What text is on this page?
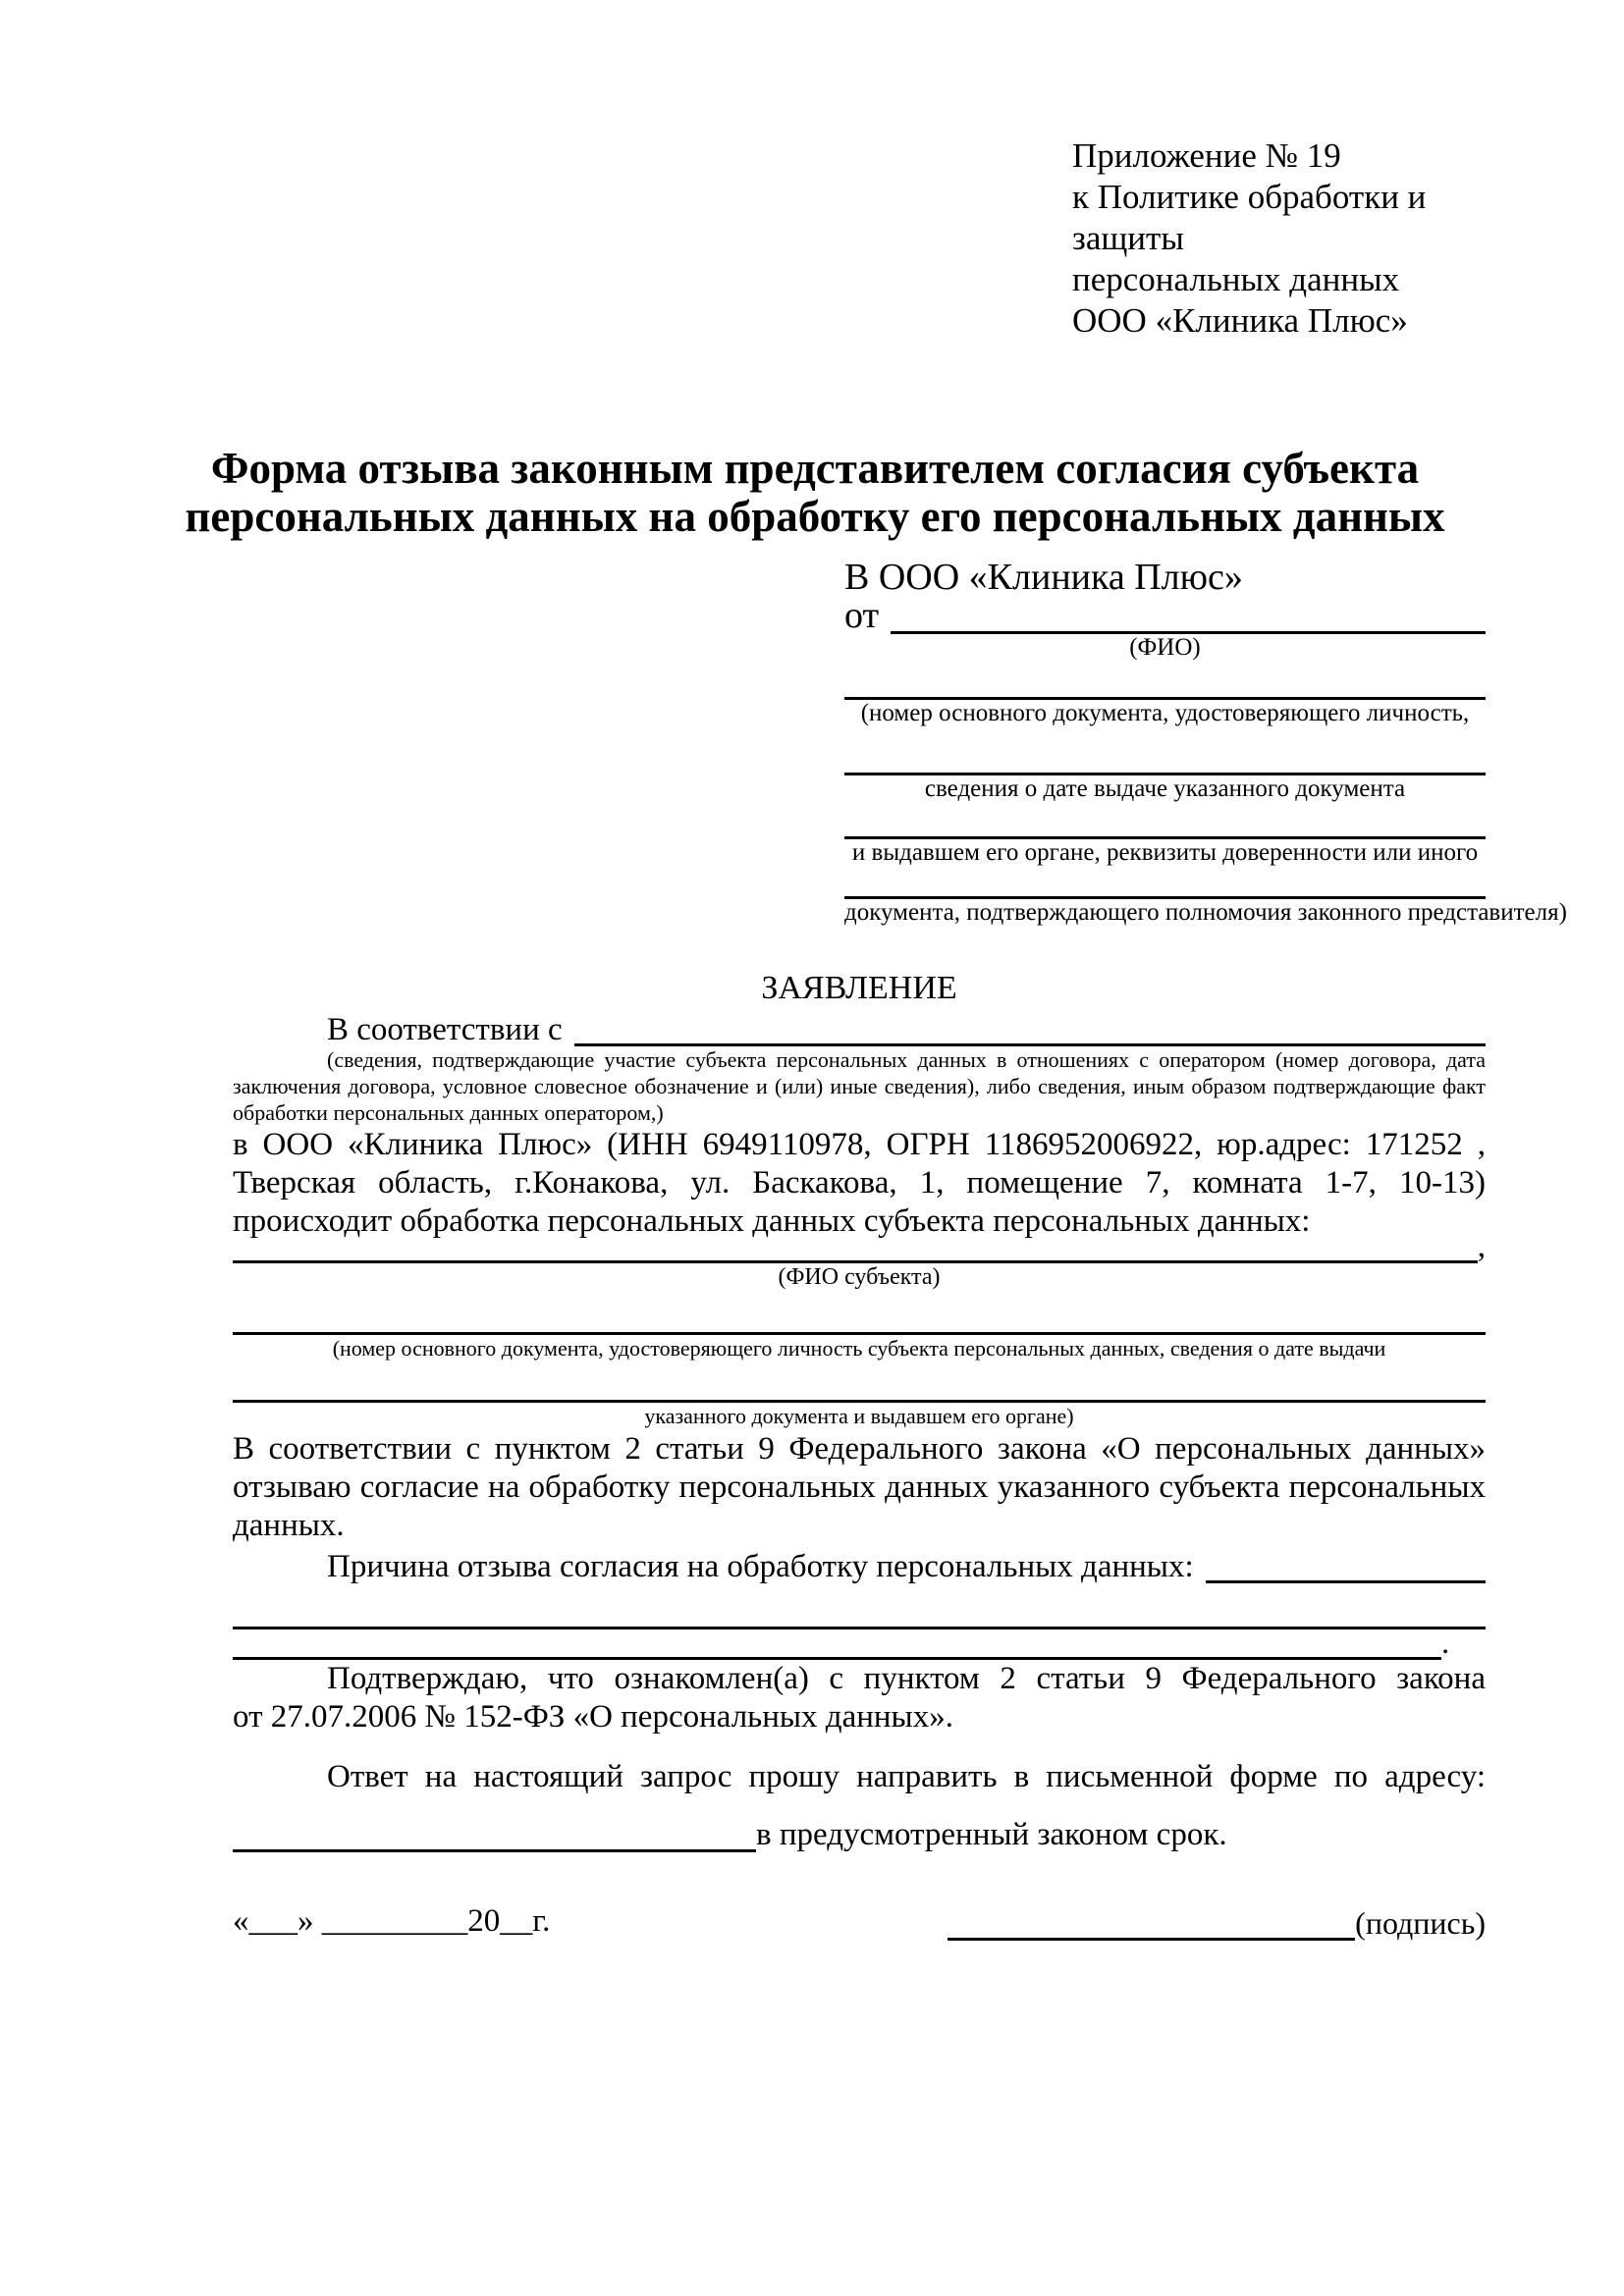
Приложение № 19
к Политике обработки и защиты
персональных данных
ООО «Клиника Плюс»
Форма отзыва законным представителем согласия субъекта
персональных данных на обработку его персональных данных
В ООО «Клиника Плюс»
от
(ФИО)
(номер основного документа, удостоверяющего личность,
сведения о дате выдаче указанного документа
и выдавшем его органе, реквизиты доверенности или иного
документа, подтверждающего полномочия законного представителя)
ЗАЯВЛЕНИЕ
В соответствии с
(сведения, подтверждающие участие субъекта персональных данных в отношениях с оператором (номер договора, дата
заключения договора, условное словесное обозначение и (или) иные сведения), либо сведения, иным образом подтверждающие факт
обработки персональных данных оператором,)
в ООО «Клиника Плюс» (ИНН 6949110978, ОГРН 1186952006922, юр.адрес: 171252 ,
Тверская область, г.Конакова, ул. Баскакова, 1, помещение 7, комната 1-7, 10-13)
происходит обработка персональных данных субъекта персональных данных:
,
(ФИО субъекта)
(номер основного документа, удостоверяющего личность субъекта персональных данных, сведения о дате выдачи
указанного документа и выдавшем его органе)
В соответствии с пунктом 2 статьи 9 Федерального закона «О персональных данных»
отзываю согласие на обработку персональных данных указанного субъекта персональных
данных.
Причина отзыва согласия на обработку персональных данных:
.
Подтверждаю, что ознакомлен(а) с пунктом 2 статьи 9 Федерального закона
от 27.07.2006 № 152-ФЗ «О персональных данных».
Ответ на настоящий запрос прошу направить в письменной форме по адресу:
в предусмотренный законом срок.
«___» _________20__г.	(подпись)
